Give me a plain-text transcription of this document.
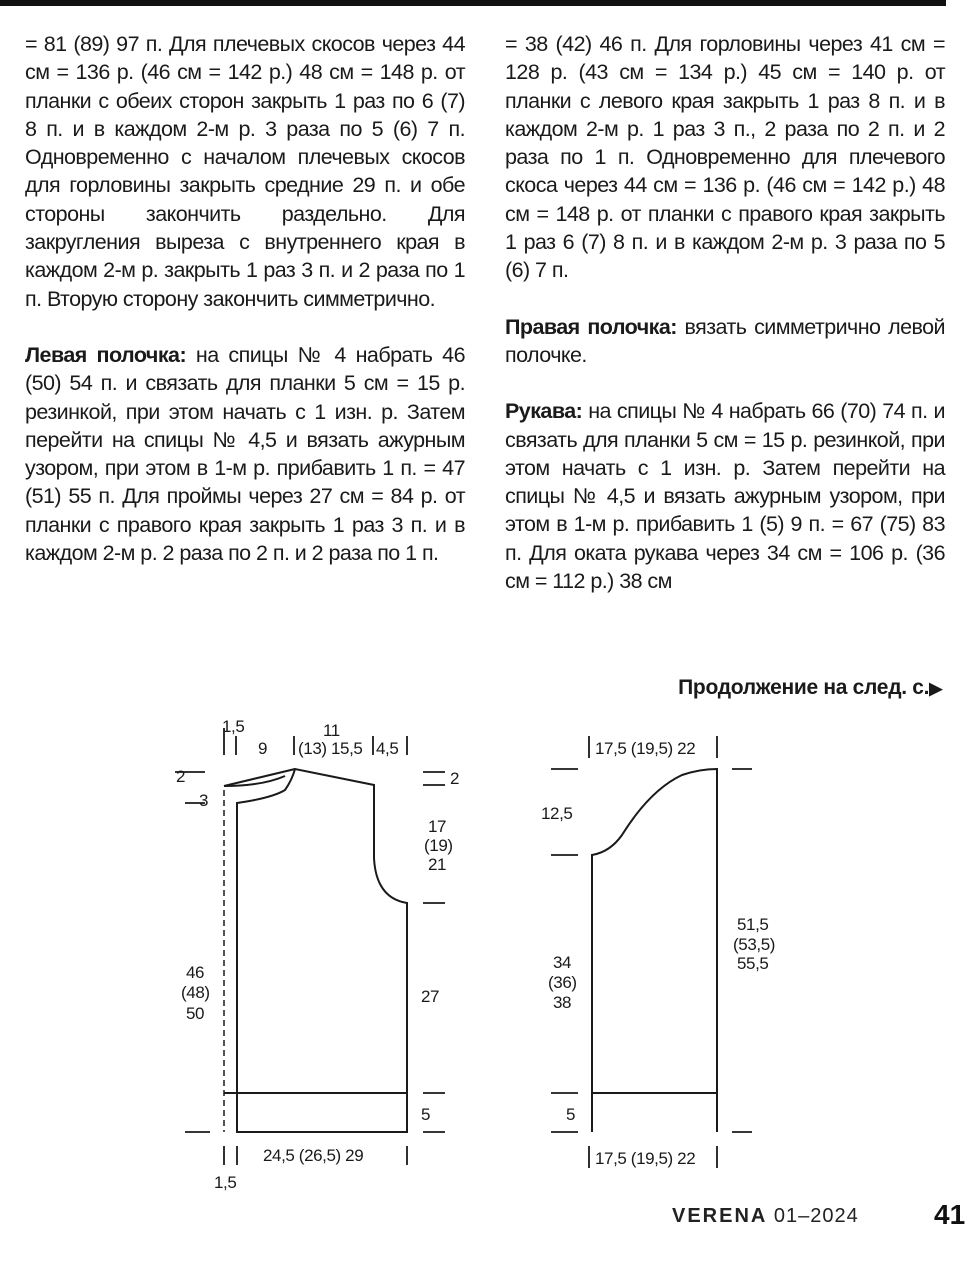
= 81 (89) 97 п. Для плечевых скосов через 44 см = 136 р. (46 см = 142 р.) 48 см = 148 р. от планки с обеих сторон закрыть 1 раз по 6 (7) 8 п. и в каждом 2-м р. 3 раза по 5 (6) 7 п. Одновременно с началом плечевых скосов для горловины закрыть средние 29 п. и обе стороны закончить раздельно. Для закругления выреза с внутреннего края в каждом 2-м р. закрыть 1 раз 3 п. и 2 раза по 1 п. Вторую сторону закончить симметрично.

Левая полочка: на спицы № 4 набрать 46 (50) 54 п. и связать для планки 5 см = 15 р. резинкой, при этом начать с 1 изн. р. Затем перейти на спицы № 4,5 и вязать ажурным узором, при этом в 1-м р. прибавить 1 п. = 47 (51) 55 п. Для проймы через 27 см = 84 р. от планки с правого края закрыть 1 раз 3 п. и в каждом 2-м р. 2 раза по 2 п. и 2 раза по 1 п.

= 38 (42) 46 п. Для горловины через 41 см = 128 р. (43 см = 134 р.) 45 см = 140 р. от планки с левого края закрыть 1 раз 8 п. и в каждом 2-м р. 1 раз 3 п., 2 раза по 2 п. и 2 раза по 1 п. Одновременно для плечевого скоса через 44 см = 136 р. (46 см = 142 р.) 48 см = 148 р. от планки с правого края закрыть 1 раз 6 (7) 8 п. и в каждом 2-м р. 3 раза по 5 (6) 7 п.

Правая полочка: вязать симметрично левой полочке.

Рукава: на спицы № 4 набрать 66 (70) 74 п. и связать для планки 5 см = 15 р. резинкой, при этом начать с 1 изн. р. Затем перейти на спицы № 4,5 и вязать ажурным узором, при этом в 1-м р. прибавить 1 (5) 9 п. = 67 (75) 83 п. Для оката рукава через 34 см = 106 р. (36 см = 112 р.) 38 см

Продолжение на след. с.▶
1,5
9
11
(13) 15,5 4,5
2
3
2
17
(19)
21
27
46
(48)
50
5
24,5 (26,5) 29
1,5
17,5 (19,5) 22
12,5
51,5
(53,5)
55,5
34
(36)
38
5
17,5 (19,5) 22
VERENA 01–2024	41
